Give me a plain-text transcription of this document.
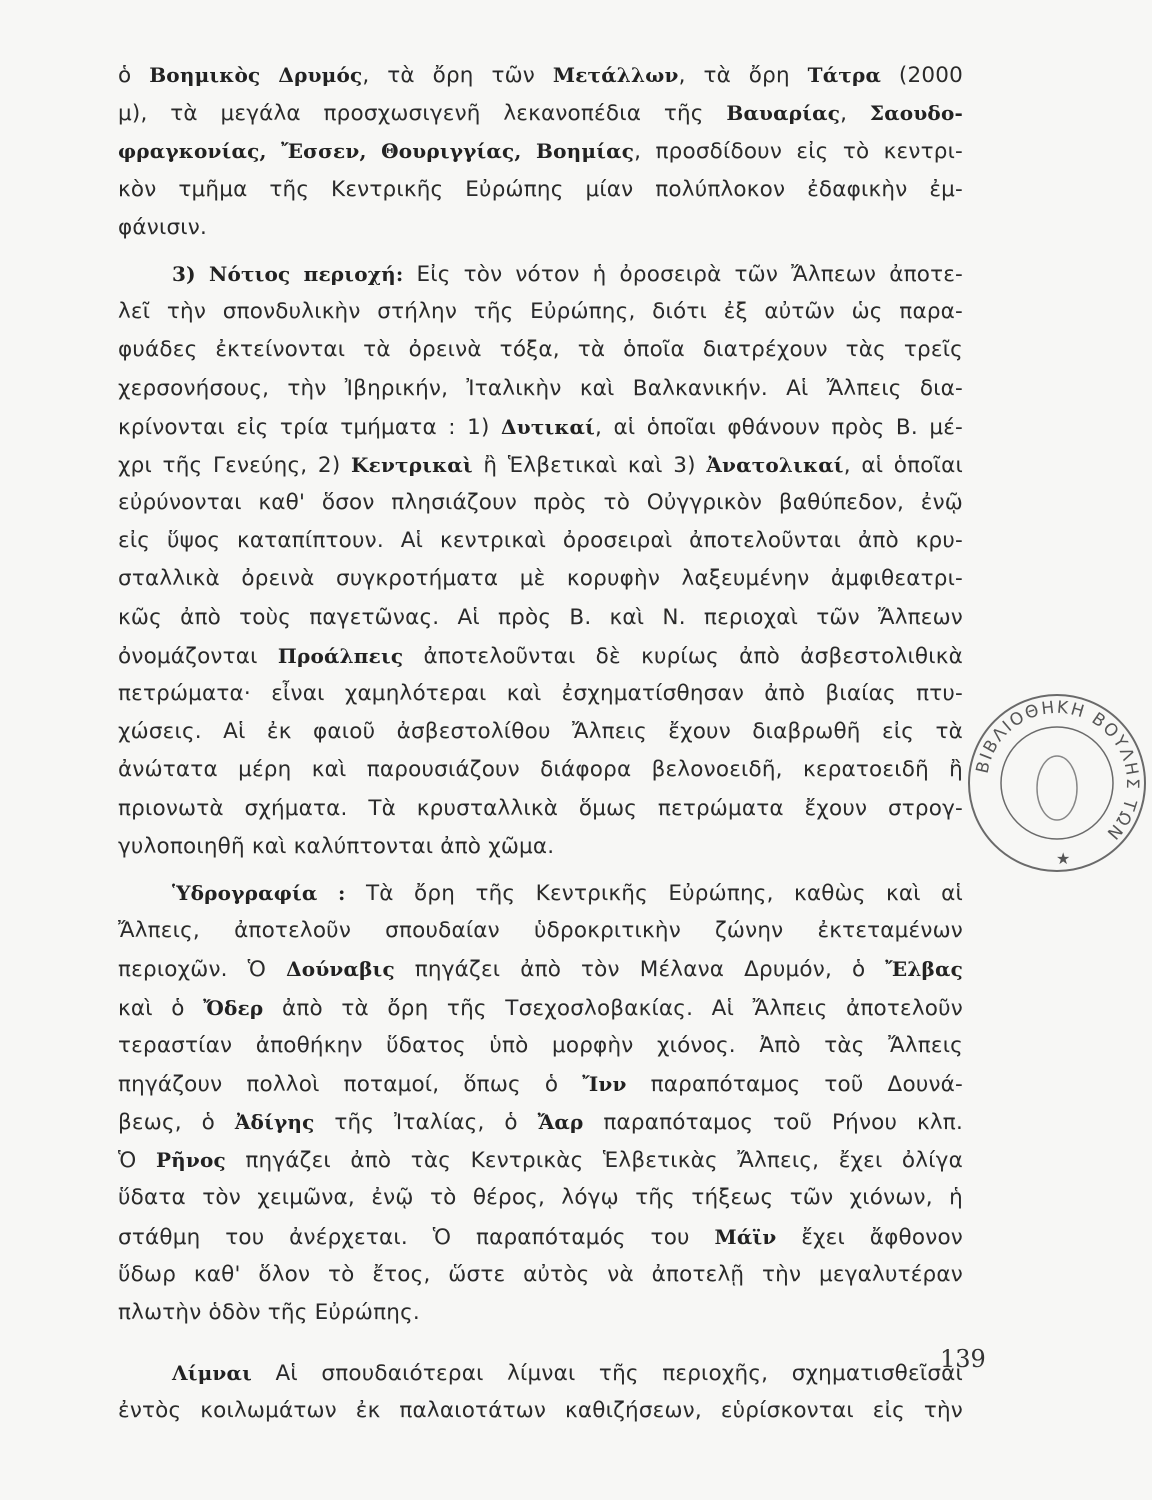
ὁ Βοημικὸς Δρυμός, τὰ ὄρη τῶν Μετάλλων, τὰ ὄρη Τάτρα (2000
μ), τὰ μεγάλα προσχωσιγενῆ λεκανοπέδια τῆς Βαυαρίας, Σαουδο-
φραγκονίας, Ἔσσεν, Θουριγγίας, Βοημίας, προσδίδουν εἰς τὸ κεντρι-
κὸν τμῆμα τῆς Κεντρικῆς Εὐρώπης μίαν πολύπλοκον ἐδαφικὴν ἐμ-
φάνισιν.
3) Νότιος περιοχή: Εἰς τὸν νότον ἡ ὀροσειρὰ τῶν Ἄλπεων ἀποτε-
λεῖ τὴν σπονδυλικὴν στήλην τῆς Εὐρώπης, διότι ἐξ αὐτῶν ὡς παρα-
φυάδες ἐκτείνονται τὰ ὀρεινὰ τόξα, τὰ ὁποῖα διατρέχουν τὰς τρεῖς
χερσονήσους, τὴν Ἰβηρικήν, Ἰταλικὴν καὶ Βαλκανικήν. Αἱ Ἄλπεις δια-
κρίνονται εἰς τρία τμήματα : 1) Δυτικαί, αἱ ὁποῖαι φθάνουν πρὸς Β. μέ-
χρι τῆς Γενεύης, 2) Κεντρικαὶ ἢ Ἑλβετικαὶ καὶ 3) Ἀνατολικαί, αἱ ὁποῖαι
εὐρύνονται καθ' ὅσον πλησιάζουν πρὸς τὸ Οὐγγρικὸν βαθύπεδον, ἐνῷ
εἰς ὕψος καταπίπτουν. Αἱ κεντρικαὶ ὀροσειραὶ ἀποτελοῦνται ἀπὸ κρυ-
σταλλικὰ ὀρεινὰ συγκροτήματα μὲ κορυφὴν λαξευμένην ἀμφιθεατρι-
κῶς ἀπὸ τοὺς παγετῶνας. Αἱ πρὸς Β. καὶ Ν. περιοχαὶ τῶν Ἄλπεων
ὀνομάζονται Προάλπεις ἀποτελοῦνται δὲ κυρίως ἀπὸ ἀσβεστολιθικὰ
πετρώματα· εἶναι χαμηλότεραι καὶ ἐσχηματίσθησαν ἀπὸ βιαίας πτυ-
χώσεις. Αἱ ἐκ φαιοῦ ἀσβεστολίθου Ἄλπεις ἔχουν διαβρωθῆ εἰς τὰ
ἀνώτατα μέρη καὶ παρουσιάζουν διάφορα βελονοειδῆ, κερατοειδῆ ἢ
πριονωτὰ σχήματα. Τὰ κρυσταλλικὰ ὅμως πετρώματα ἔχουν στρογ-
γυλοποιηθῆ καὶ καλύπτονται ἀπὸ χῶμα.
Ὑδρογραφία : Τὰ ὄρη τῆς Κεντρικῆς Εὐρώπης, καθὼς καὶ αἱ
Ἄλπεις, ἀποτελοῦν σπουδαίαν ὑδροκριτικὴν ζώνην ἐκτεταμένων
περιοχῶν. Ὁ Δούναβις πηγάζει ἀπὸ τὸν Μέλανα Δρυμόν, ὁ Ἔλβας
καὶ ὁ Ὄδερ ἀπὸ τὰ ὄρη τῆς Τσεχοσλοβακίας. Αἱ Ἄλπεις ἀποτελοῦν
τεραστίαν ἀποθήκην ὕδατος ὑπὸ μορφὴν χιόνος. Ἀπὸ τὰς Ἄλπεις
πηγάζουν πολλοὶ ποταμοί, ὅπως ὁ Ἴνν παραπόταμος τοῦ Δουνά-
βεως, ὁ Ἀδίγης τῆς Ἰταλίας, ὁ Ἄαρ παραπόταμος τοῦ Ρήνου κλπ.
Ὁ Ρῆνος πηγάζει ἀπὸ τὰς Κεντρικὰς Ἑλβετικὰς Ἄλπεις, ἔχει ὀλίγα
ὕδατα τὸν χειμῶνα, ἐνῷ τὸ θέρος, λόγῳ τῆς τήξεως τῶν χιόνων, ἡ
στάθμη του ἀνέρχεται. Ὁ παραπόταμός του Μάϊν ἔχει ἄφθονον
ὕδωρ καθ' ὅλον τὸ ἔτος, ὥστε αὐτὸς νὰ ἀποτελῇ τὴν μεγαλυτέραν
πλωτὴν ὁδὸν τῆς Εὐρώπης.
Λίμναι Αἱ σπουδαιότεραι λίμναι τῆς περιοχῆς, σχηματισθεῖσαι
ἐντὸς κοιλωμάτων ἐκ παλαιοτάτων καθιζήσεων, εὑρίσκονται εἰς τὴν
ΒΙΒΛΙΟΘΗΚΗ ΒΟΥΛΗΣ ΤΩΝ
★
139
